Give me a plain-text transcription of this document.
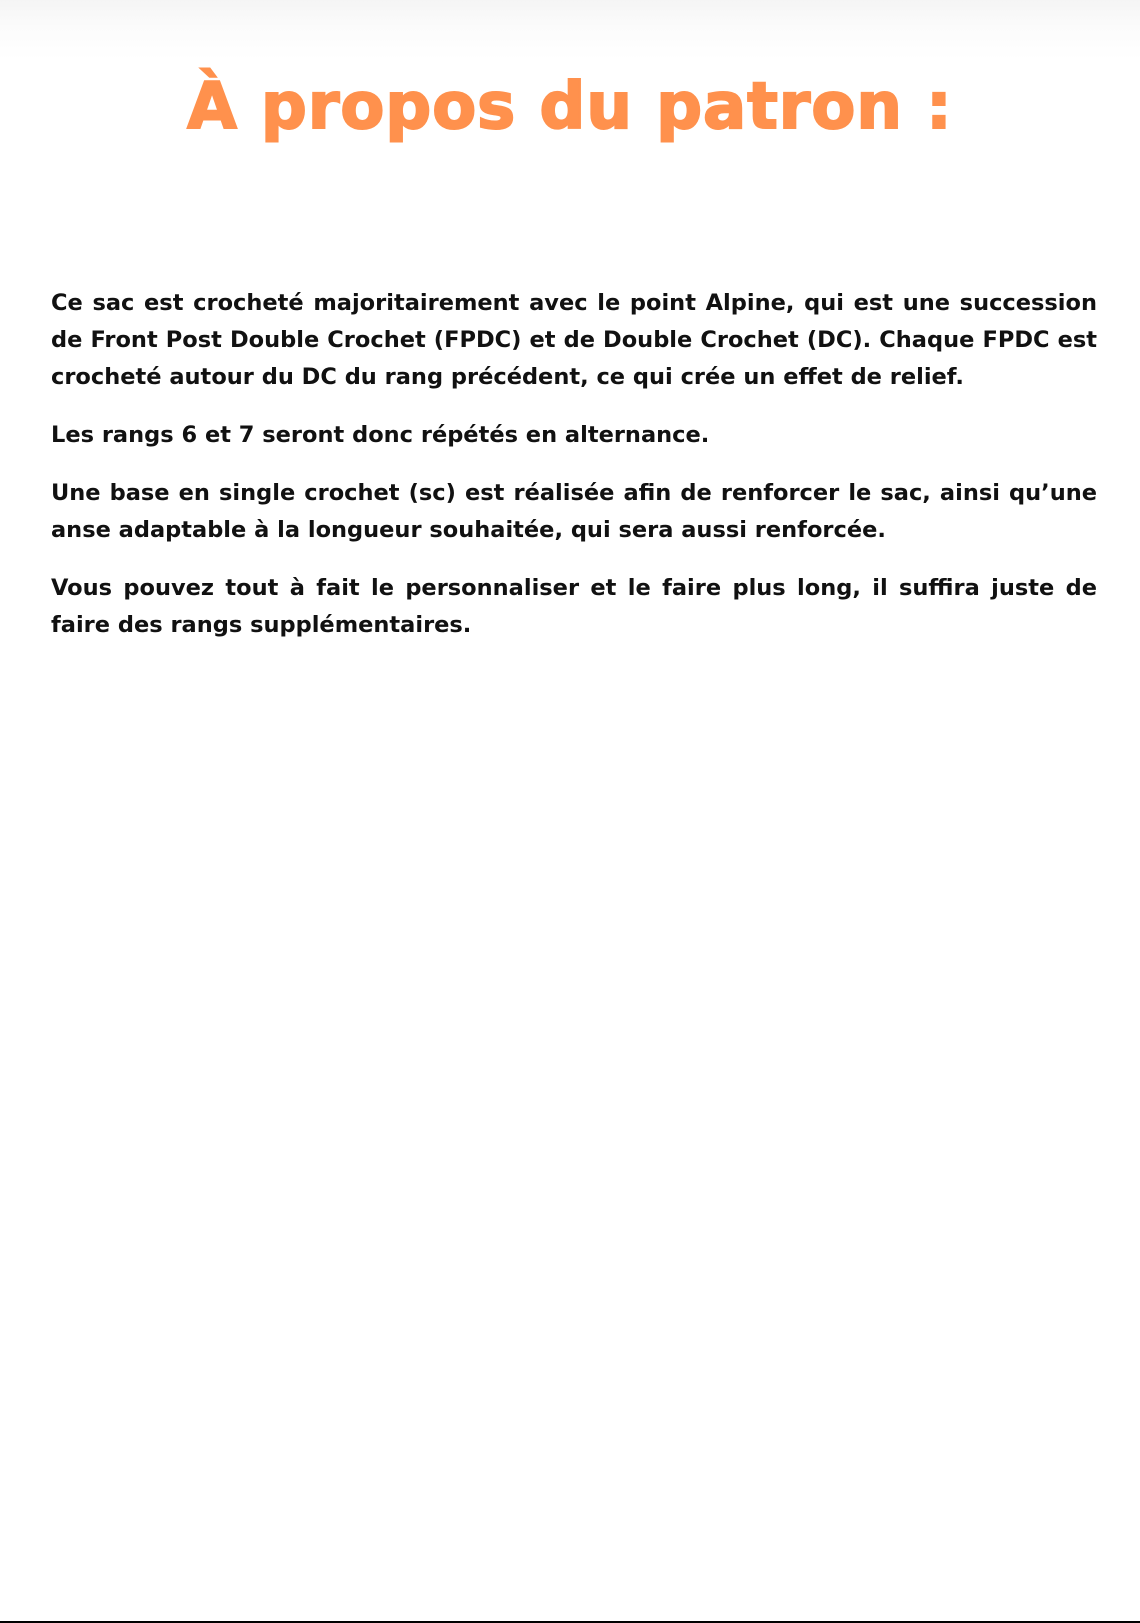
À propos du patron :

Ce sac est crocheté majoritairement avec le point Alpine, qui est une succession de Front Post Double Crochet (FPDC) et de Double Crochet (DC). Chaque FPDC est crocheté autour du DC du rang précédent, ce qui crée un effet de relief.

Les rangs 6 et 7 seront donc répétés en alternance.

Une base en single crochet (sc) est réalisée afin de renforcer le sac, ainsi qu’une anse adaptable à la longueur souhaitée, qui sera aussi renforcée.

Vous pouvez tout à fait le personnaliser et le faire plus long, il suffira juste de faire des rangs supplémentaires.
